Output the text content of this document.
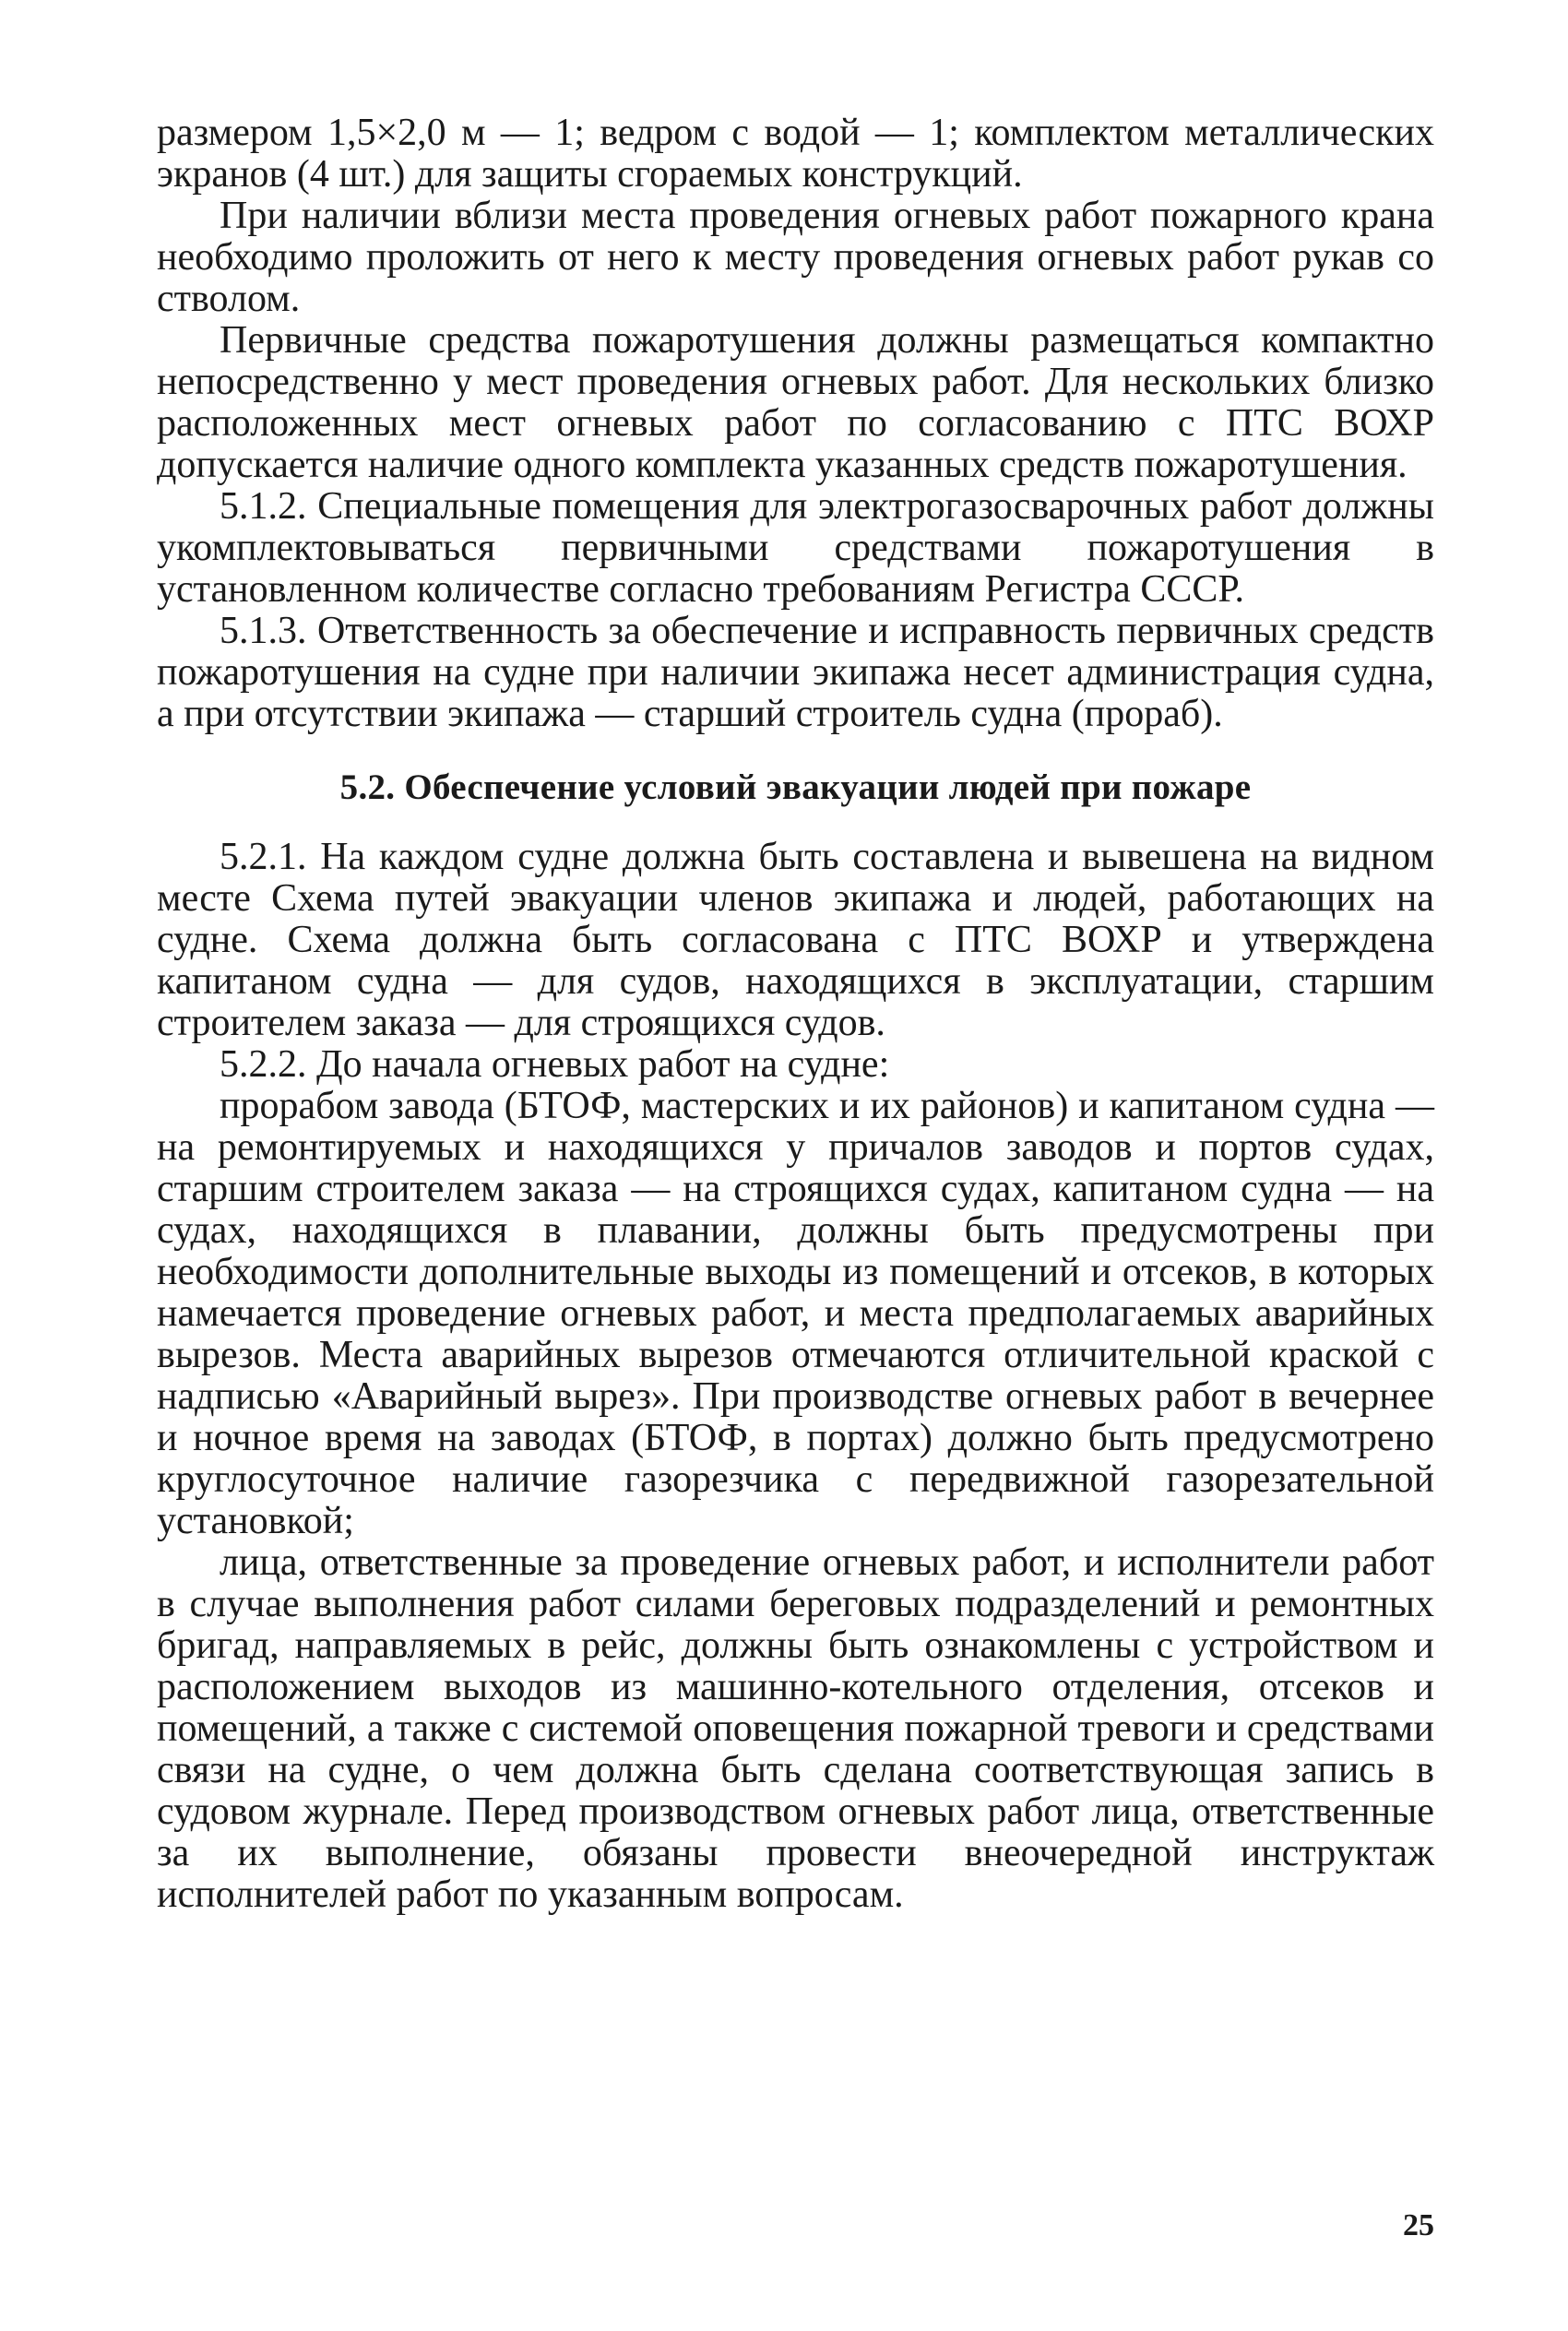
размером 1,5×2,0 м — 1; ведром с водой — 1; комплектом металлических экранов (4 шт.) для защиты сгораемых конструкций.

При наличии вблизи места проведения огневых работ пожарного крана необходимо проложить от него к месту проведения огневых работ рукав со стволом.

Первичные средства пожаротушения должны размещаться компактно непосредственно у мест проведения огневых работ. Для нескольких близко расположенных мест огневых работ по согласованию с ПТС ВОХР допускается наличие одного комплекта указанных средств пожаротушения.

5.1.2. Специальные помещения для электрогазосварочных работ должны укомплектовываться первичными средствами пожаротушения в установленном количестве согласно требованиям Регистра СССР.

5.1.3. Ответственность за обеспечение и исправность первичных средств пожаротушения на судне при наличии экипажа несет администрация судна, а при отсутствии экипажа — старший строитель судна (прораб).

5.2. Обеспечение условий эвакуации людей при пожаре

5.2.1. На каждом судне должна быть составлена и вывешена на видном месте Схема путей эвакуации членов экипажа и людей, работающих на судне. Схема должна быть согласована с ПТС ВОХР и утверждена капитаном судна — для судов, находящихся в эксплуатации, старшим строителем заказа — для строящихся судов.

5.2.2. До начала огневых работ на судне:

прорабом завода (БТОФ, мастерских и их районов) и капитаном судна — на ремонтируемых и находящихся у причалов заводов и портов судах, старшим строителем заказа — на строящихся судах, капитаном судна — на судах, находящихся в плавании, должны быть предусмотрены при необходимости дополнительные выходы из помещений и отсеков, в которых намечается проведение огневых работ, и места предполагаемых аварийных вырезов. Места аварийных вырезов отмечаются отличительной краской с надписью «Аварийный вырез». При производстве огневых работ в вечернее и ночное время на заводах (БТОФ, в портах) должно быть предусмотрено круглосуточное наличие газорезчика с передвижной газорезательной установкой;

лица, ответственные за проведение огневых работ, и исполнители работ в случае выполнения работ силами береговых подразделений и ремонтных бригад, направляемых в рейс, должны быть ознакомлены с устройством и расположением выходов из машинно-котельного отделения, отсеков и помещений, а также с системой оповещения пожарной тревоги и средствами связи на судне, о чем должна быть сделана соответствующая запись в судовом журнале. Перед производством огневых работ лица, ответственные за их выполнение, обязаны провести внеочередной инструктаж исполнителей работ по указанным вопросам.

25
